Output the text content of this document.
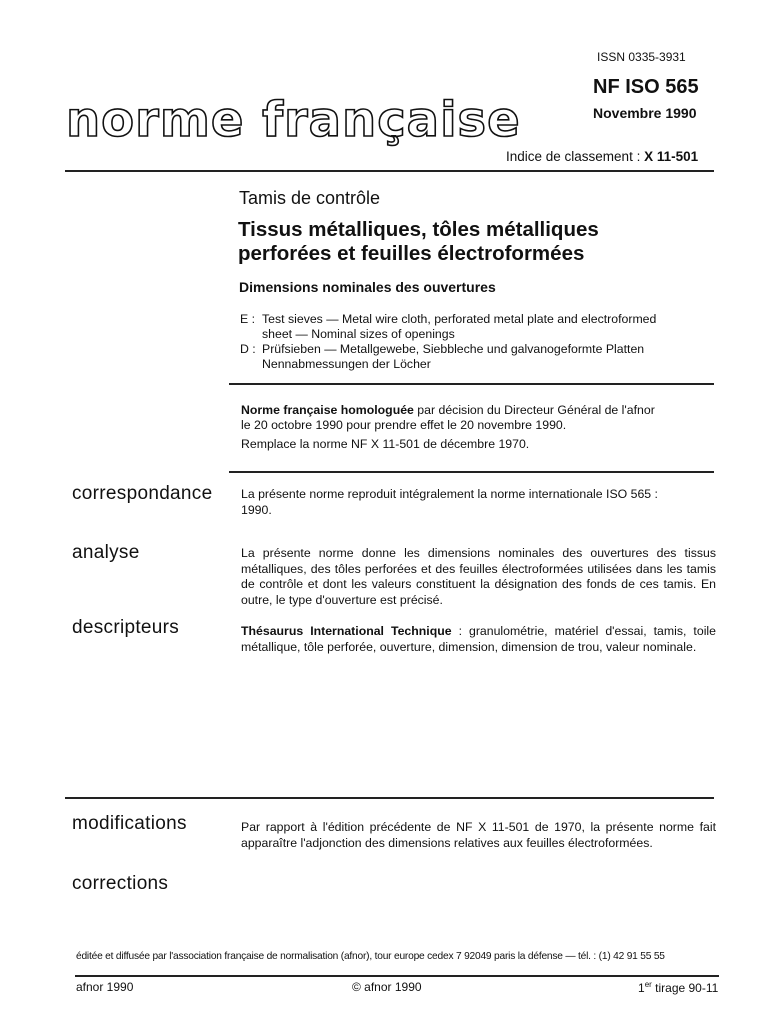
ISSN 0335-3931
norme française
NF ISO 565
Novembre 1990
Indice de classement : X 11-501
Tamis de contrôle
Tissus métalliques, tôles métalliques
perforées et feuilles électroformées
Dimensions nominales des ouvertures
E : Test sieves — Metal wire cloth, perforated metal plate and electroformed
sheet — Nominal sizes of openings
D : Prüfsieben — Metallgewebe, Siebbleche und galvanogeformte Platten
Nennabmessungen der Löcher
Norme française homologuée par décision du Directeur Général de l'afnor
le 20 octobre 1990 pour prendre effet le 20 novembre 1990.
Remplace la norme NF X 11-501 de décembre 1970.
correspondance La présente norme reproduit intégralement la norme internationale ISO 565 : 1990.
analyse	La présente norme donne les dimensions nominales des ouvertures des tissus métalliques, des tôles perforées et des feuilles électroformées utilisées dans les tamis de contrôle et dont les valeurs constituent la désignation des fonds de ces tamis. En outre, le type d'ouverture est précisé.
descripteurs	Thésaurus International Technique : granulométrie, matériel d'essai, tamis, toile métallique, tôle perforée, ouverture, dimension, dimension de trou, valeur nominale.
modifications	Par rapport à l'édition précédente de NF X 11-501 de 1970, la présente norme fait apparaître l'adjonction des dimensions relatives aux feuilles électroformées.
corrections
éditée et diffusée par l'association française de normalisation (afnor), tour europe cedex 7 92049 paris la défense — tél. : (1) 42 91 55 55
afnor 1990	© afnor 1990	1er tirage 90-11
